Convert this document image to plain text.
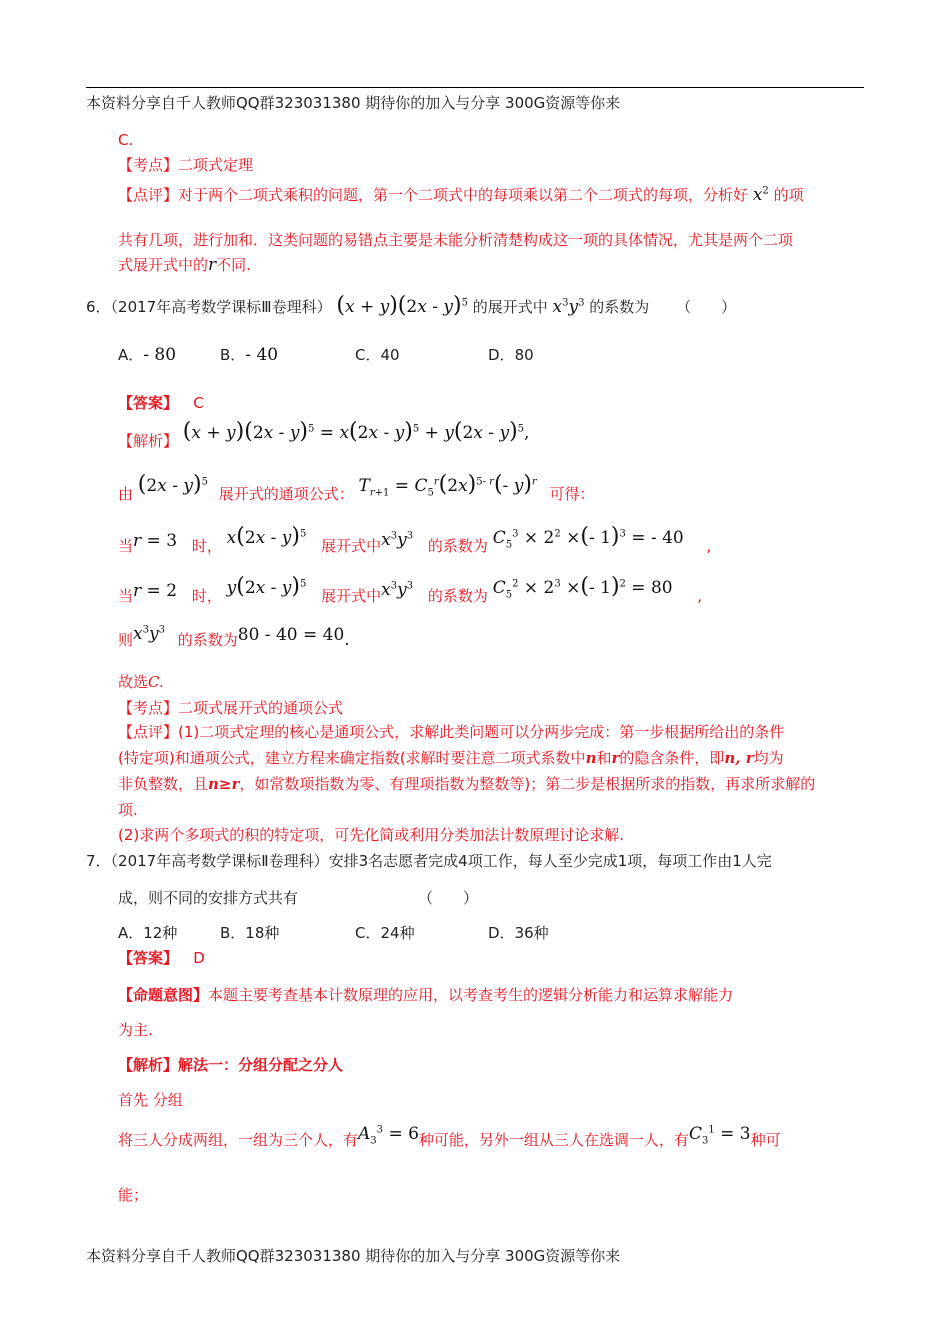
本资料分享自千人教师QQ群323031380 期待你的加入与分享 300G资源等你来
C.
【考点】二项式定理
【点评】对于两个二项式乘积的问题，第一个二项式中的每项乘以第二个二项式的每项，分析好 $x^2$ 的项
共有几项，进行加和．这类问题的易错点主要是未能分析清楚构成这一项的具体情况，尤其是两个二项
式展开式中的r不同.
6．（2017年高考数学课标Ⅲ卷理科） (x + y)(2x - y)$^5$ 的展开式中 $x^3y^3$ 的系数为 （　　）
A．- 80	B．- 40	C．40	D．80
【答案】 C
【解析】 (x + y)(2x - y)$^5$ = x(2x - y)$^5$ + y(2x - y)$^5$,
由 (2x - y)$^5$ 展开式的通项公式： $T_{r+1} = C_5^r(2x)^{5- r}(-$ y)$^r$ 可得：
当r = 3 时， x(2x - y)$^5$ 展开式中$x^3y^3$ 的系数为 $C_5^3 \times 2^2$ ×(- 1)$^3$ = - 40 ,
当r = 2 时， y(2x - y)$^5$ 展开式中$x^3y^3$ 的系数为 $C_5^2 \times 2^3$ ×(- 1)$^2$ = 80 ,
则$x^3y^3$ 的系数为80 - 40 = 40.
故选C.
【考点】二项式展开式的通项公式
【点评】(1)二项式定理的核心是通项公式，求解此类问题可以分两步完成：第一步根据所给出的条件
(特定项)和通项公式，建立方程来确定指数(求解时要注意二项式系数中n和r的隐含条件，即n, r均为
非负整数，且n≥r，如常数项指数为零、有理项指数为整数等)；第二步是根据所求的指数，再求所求解的
项.
(2)求两个多项式的积的特定项，可先化简或利用分类加法计数原理讨论求解.
7．（2017年高考数学课标Ⅱ卷理科）安排3名志愿者完成4项工作，每人至少完成1项，每项工作由1人完
成，则不同的安排方式共有	（　　）
A．12种	B．18种	C．24种	D．36种
【答案】 D
【命题意图】本题主要考查基本计数原理的应用，以考查考生的逻辑分析能力和运算求解能力
为主.
【解析】解法一：分组分配之分人
首先 分组
将三人分成两组，一组为三个人，有$A_3^3 = 6$种可能，另外一组从三人在选调一人，有$C_3^1 = 3$种可
能；
本资料分享自千人教师QQ群323031380 期待你的加入与分享 300G资源等你来
